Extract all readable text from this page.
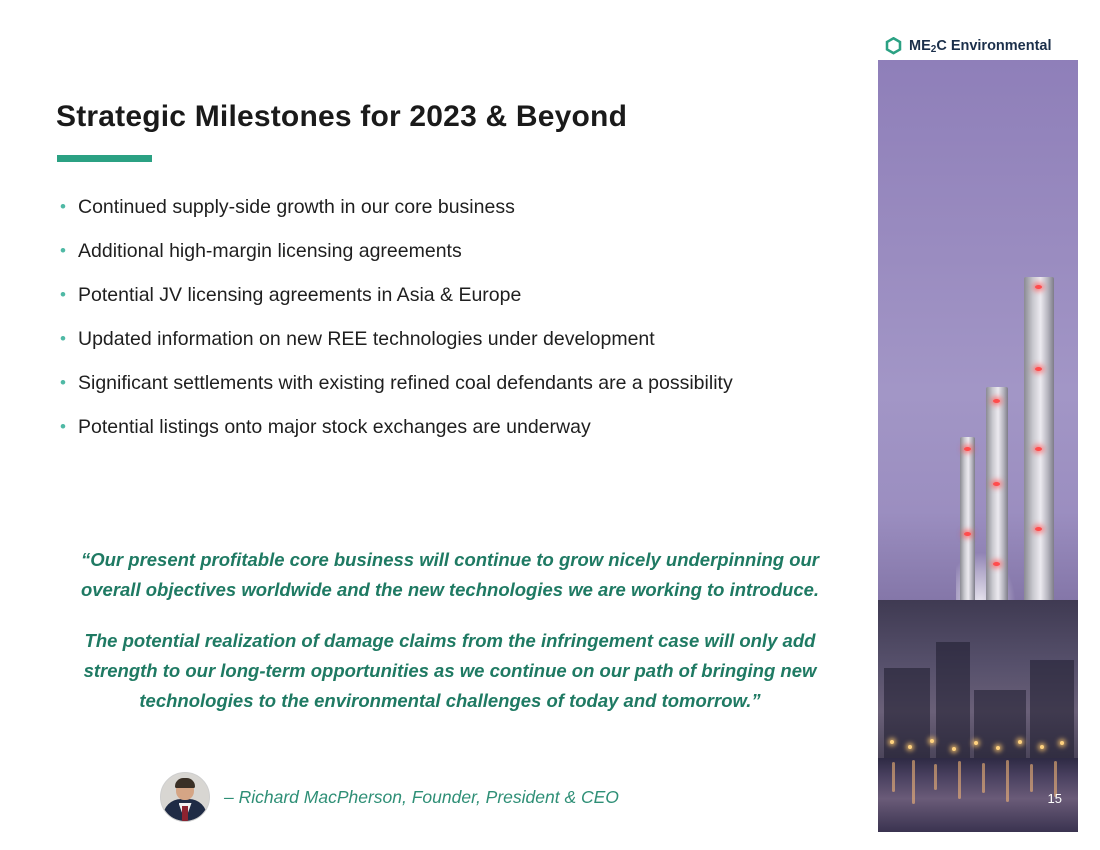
Strategic Milestones for 2023 & Beyond
• Continued supply-side growth in our core business
• Additional high-margin licensing agreements
• Potential JV licensing agreements in Asia & Europe
• Updated information on new REE technologies under development
• Significant settlements with existing refined coal defendants are a possibility
• Potential listings onto major stock exchanges are underway

“Our present profitable core business will continue to grow nicely underpinning our overall objectives worldwide and the new technologies we are working to introduce.

The potential realization of damage claims from the infringement case will only add strength to our long-term opportunities as we continue on our path of bringing new technologies to the environmental challenges of today and tomorrow.”

– Richard MacPherson, Founder, President & CEO
$ME_2C$ Environmental
15
